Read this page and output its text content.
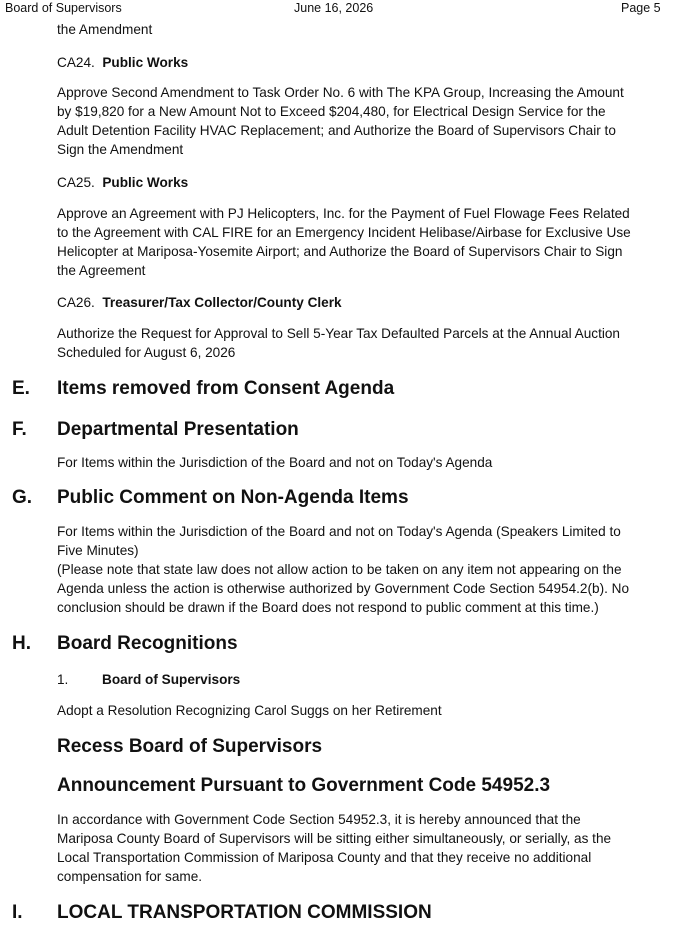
Board of Supervisors	June 16, 2026	Page 5
the Amendment
CA24. Public Works
Approve Second Amendment to Task Order No. 6 with The KPA Group, Increasing the Amount
by $19,820 for a New Amount Not to Exceed $204,480, for Electrical Design Service for the
Adult Detention Facility HVAC Replacement; and Authorize the Board of Supervisors Chair to
Sign the Amendment
CA25. Public Works
Approve an Agreement with PJ Helicopters, Inc. for the Payment of Fuel Flowage Fees Related
to the Agreement with CAL FIRE for an Emergency Incident Helibase/Airbase for Exclusive Use
Helicopter at Mariposa-Yosemite Airport; and Authorize the Board of Supervisors Chair to Sign
the Agreement
CA26. Treasurer/Tax Collector/County Clerk
Authorize the Request for Approval to Sell 5-Year Tax Defaulted Parcels at the Annual Auction
Scheduled for August 6, 2026
E. Items removed from Consent Agenda
F. Departmental Presentation
For Items within the Jurisdiction of the Board and not on Today's Agenda
G. Public Comment on Non-Agenda Items
For Items within the Jurisdiction of the Board and not on Today's Agenda (Speakers Limited to
Five Minutes)
(Please note that state law does not allow action to be taken on any item not appearing on the
Agenda unless the action is otherwise authorized by Government Code Section 54954.2(b). No
conclusion should be drawn if the Board does not respond to public comment at this time.)
H. Board Recognitions
1. Board of Supervisors
Adopt a Resolution Recognizing Carol Suggs on her Retirement
Recess Board of Supervisors
Announcement Pursuant to Government Code 54952.3
In accordance with Government Code Section 54952.3, it is hereby announced that the
Mariposa County Board of Supervisors will be sitting either simultaneously, or serially, as the
Local Transportation Commission of Mariposa County and that they receive no additional
compensation for same.
I. LOCAL TRANSPORTATION COMMISSION
